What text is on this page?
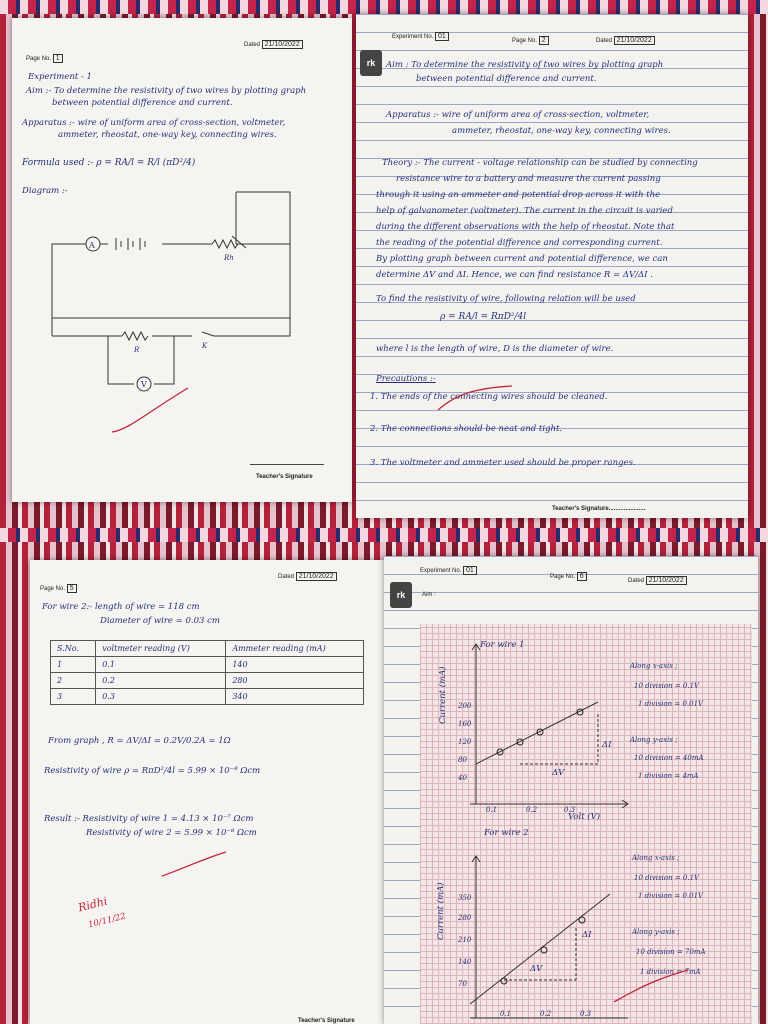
Page No. 1
Dated 21/10/2022
Experiment - 1
Aim :- To determine the resistivity of two wires by plotting graph
between potential difference and current.
Apparatus :- wire of uniform area of cross-section, voltmeter,
ammeter, rheostat, one-way key, connecting wires.
Formula used :- ρ = RA/l = R/l (πD²/4)
Diagram :-
A
Rh
R	K
V
Teacher's Signature
rk
Experiment No. 01
Page No. 2	Dated 21/10/2022
Aim : To determine the resistivity of two wires by plotting graph
between potential difference and current.
Apparatus :- wire of uniform area of cross-section, voltmeter,
ammeter, rheostat, one-way key, connecting wires.
Theory :- The current - voltage relationship can be studied by connecting
resistance wire to a battery and measure the current passing
through it using an ammeter and potential drop across it with the
help of galvanometer (voltmeter). The current in the circuit is varied
during the different observations with the help of rheostat. Note that
the reading of the potential difference and corresponding current.
By plotting graph between current and potential difference, we can
determine ΔV and ΔI. Hence, we can find resistance R = ΔV/ΔI .
To find the resistivity of wire, following relation will be used
ρ = RA/l = RπD²/4l
where l is the length of wire, D is the diameter of wire.
Precautions :-
1. The ends of the connecting wires should be cleaned.
2. The connections should be neat and tight.
3. The voltmeter and ammeter used should be proper ranges.
Teacher's Signature......................
Page No. 5
Dated 21/10/2022
For wire 2:- length of wire = 118 cm
Diameter of wire = 0.03 cm
S.No.	voltmeter reading (V)	Ammeter reading (mA)
1	0.1	140
2	0.2	280
3	0.3	340
From graph , R = ΔV/ΔI = 0.2V/0.2A = 1Ω
Resistivity of wire ρ = RπD²/4l = 5.99 × 10⁻⁸ Ωcm
Result :- Resistivity of wire 1 = 4.13 × 10⁻⁷ Ωcm
Resistivity of wire 2 = 5.99 × 10⁻⁸ Ωcm
Ridhi
10/11/22
Teacher's Signature
rk
Experiment No. 01
Page No. 6
Dated 21/10/2022
Aim :
For wire 1
Current (mA)
Volt (V)
200
160
120
80
40
0.1	0.2	0.3
ΔI
ΔV
Along x-axis ;
10 division = 0.1V
1 division = 0.01V
Along y-axis ;
10 division = 40mA
1 division = 4mA
For wire 2
Current (mA) 350
280
210
140
70
0.1	0.2	0.3
ΔI
ΔV
Along x-axis ;
10 division = 0.1V
1 division = 0.01V
Along y-axis ;
10 division = 70mA
1 division = 7mA
